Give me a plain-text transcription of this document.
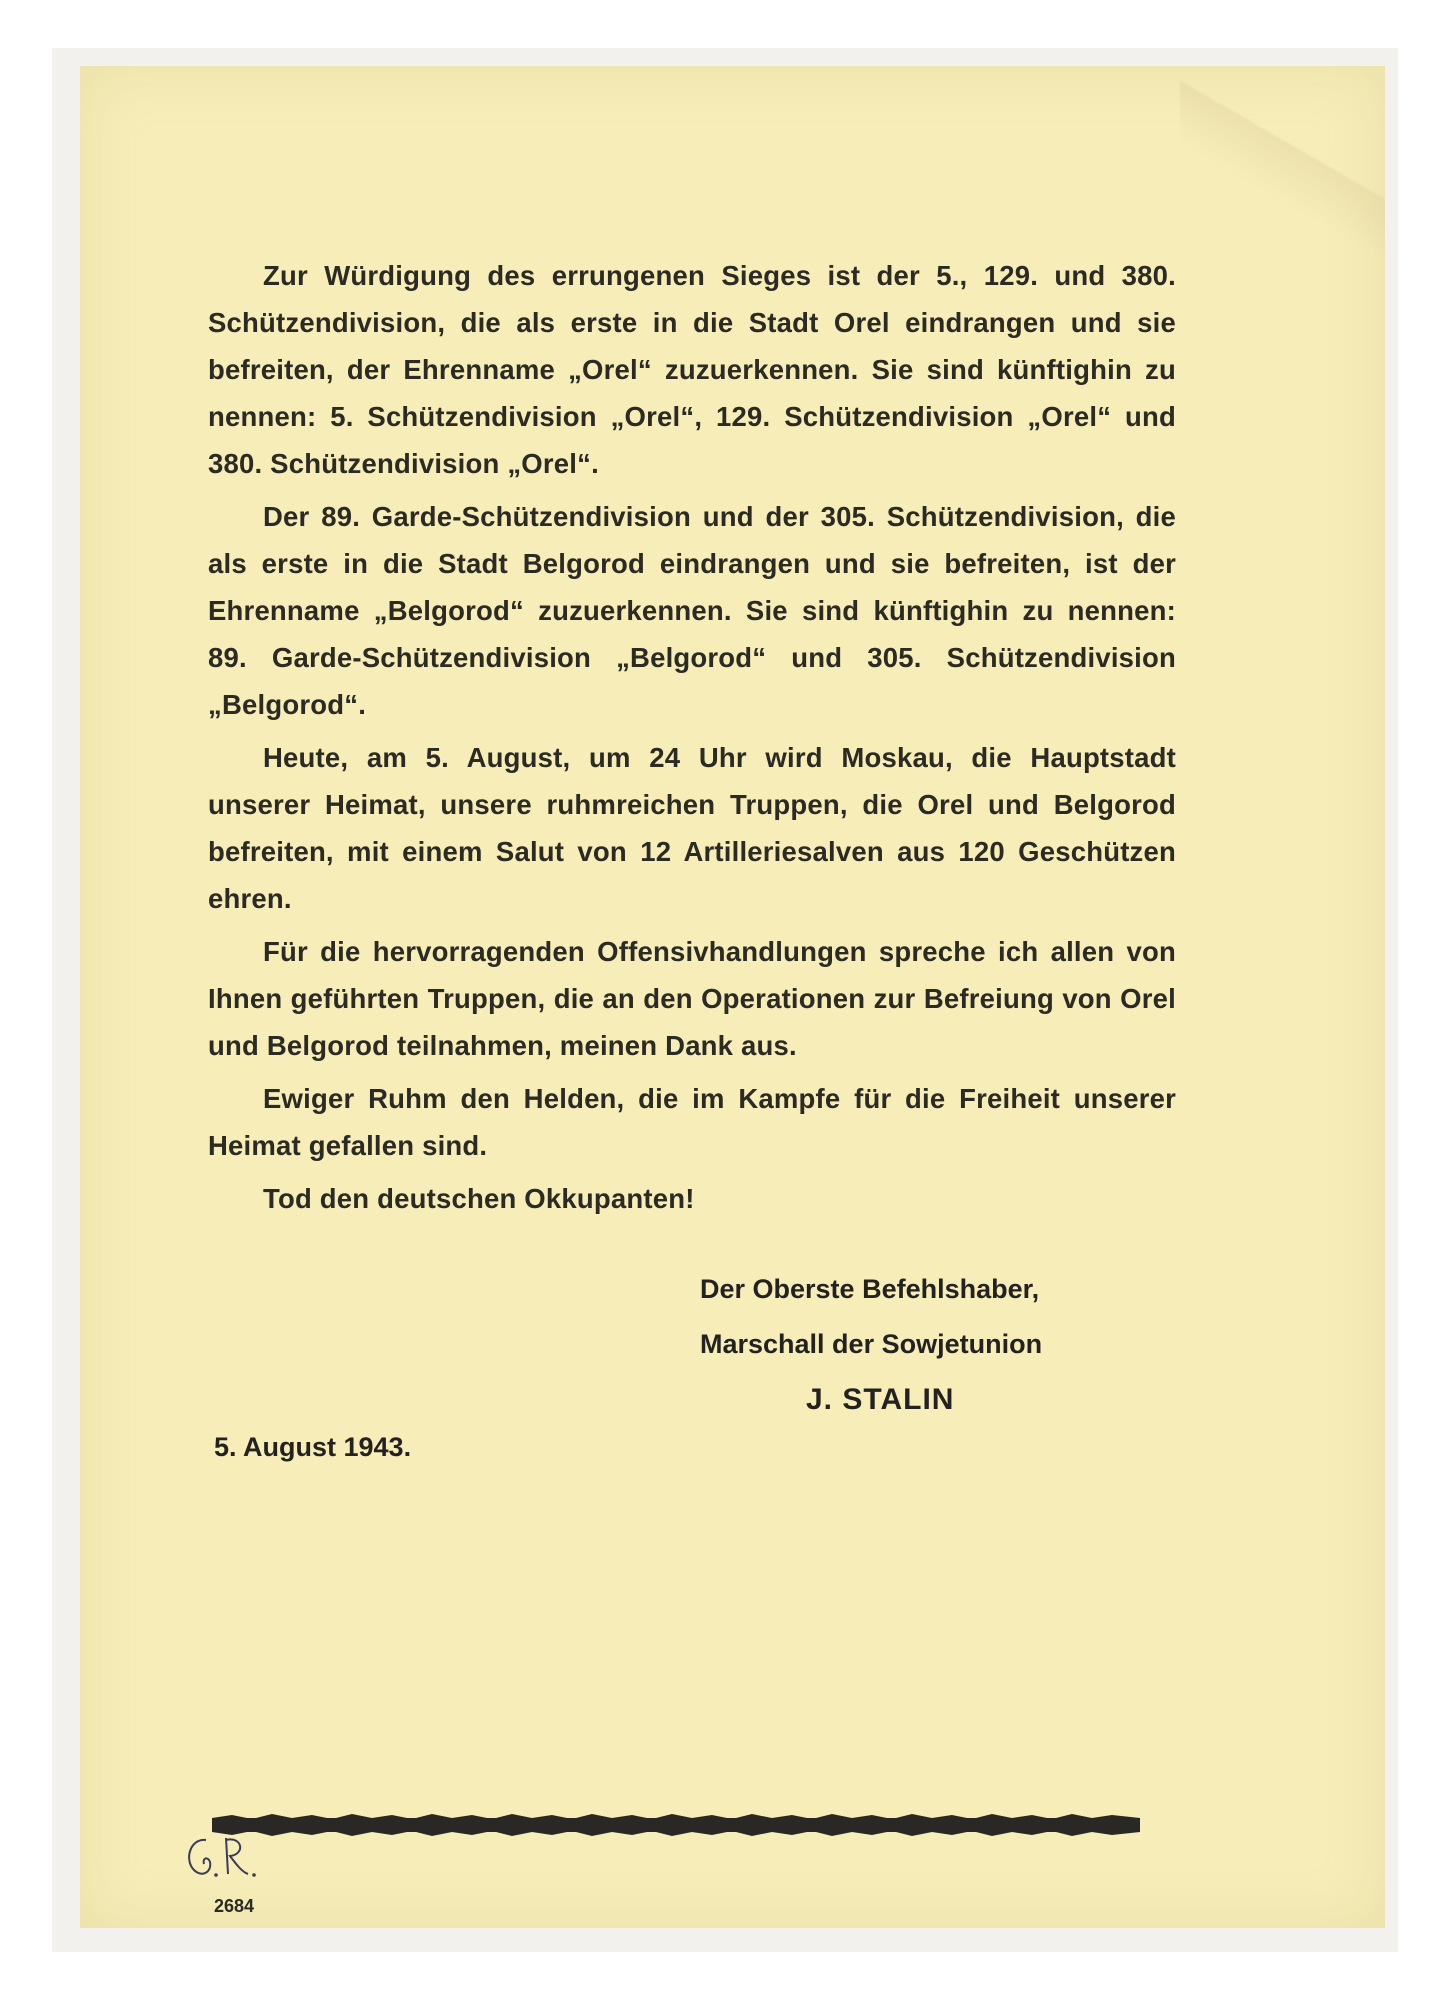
Zur Würdigung des errungenen Sieges ist der 5., 129. und 380. Schützendivision, die als erste in die Stadt Orel eindrangen und sie befreiten, der Ehrenname „Orel“ zuzuerkennen. Sie sind künftighin zu nennen: 5. Schützendivision „Orel“, 129. Schützendivision „Orel“ und 380. Schützendivision „Orel“.

Der 89. Garde-Schützendivision und der 305. Schützendivision, die als erste in die Stadt Belgorod eindrangen und sie befreiten, ist der Ehrenname „Belgorod“ zuzuerkennen. Sie sind künftighin zu nennen: 89. Garde-Schützendivision „Belgorod“ und 305. Schützendivision „Belgorod“.

Heute, am 5. August, um 24 Uhr wird Moskau, die Hauptstadt unserer Heimat, unsere ruhmreichen Truppen, die Orel und Belgorod befreiten, mit einem Salut von 12 Artilleriesalven aus 120 Geschützen ehren.

Für die hervorragenden Offensivhandlungen spreche ich allen von Ihnen geführten Truppen, die an den Operationen zur Befreiung von Orel und Belgorod teilnahmen, meinen Dank aus.

Ewiger Ruhm den Helden, die im Kampfe für die Freiheit unserer Heimat gefallen sind.

Tod den deutschen Okkupanten!

Der Oberste Befehlshaber,
Marschall der Sowjetunion
J. STALIN
5. August 1943.
2684
